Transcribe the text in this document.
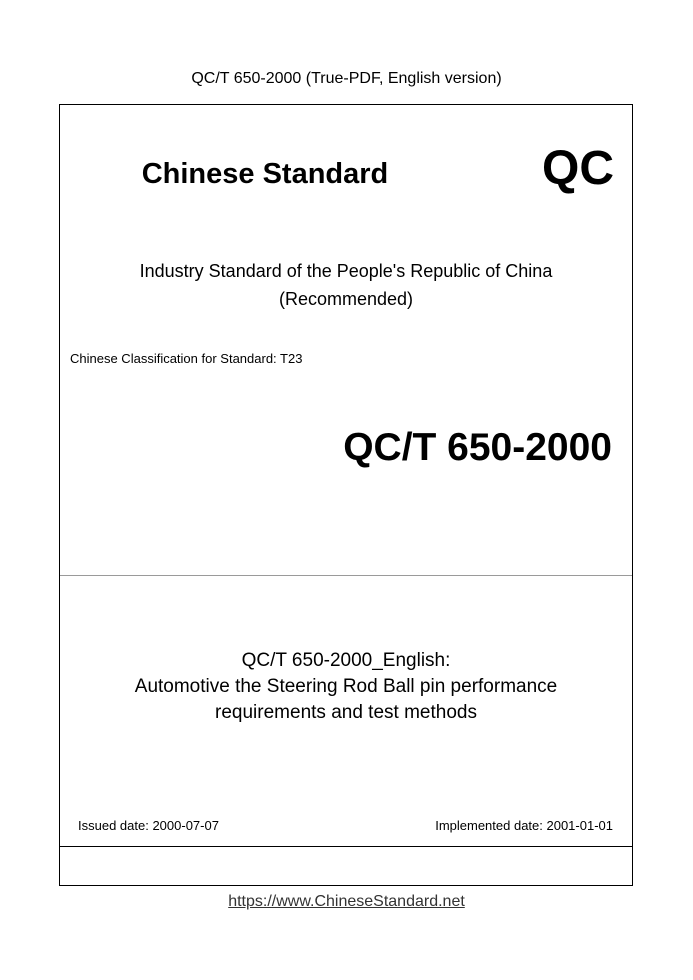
QC/T 650-2000 (True-PDF, English version)
Chinese Standard	QC
Industry Standard of the People's Republic of China
(Recommended)
Chinese Classification for Standard: T23
QC/T 650-2000
QC/T 650-2000_English:
Automotive the Steering Rod Ball pin performance
requirements and test methods
Issued date: 2000-07-07	Implemented date: 2001-01-01
https://www.ChineseStandard.net
